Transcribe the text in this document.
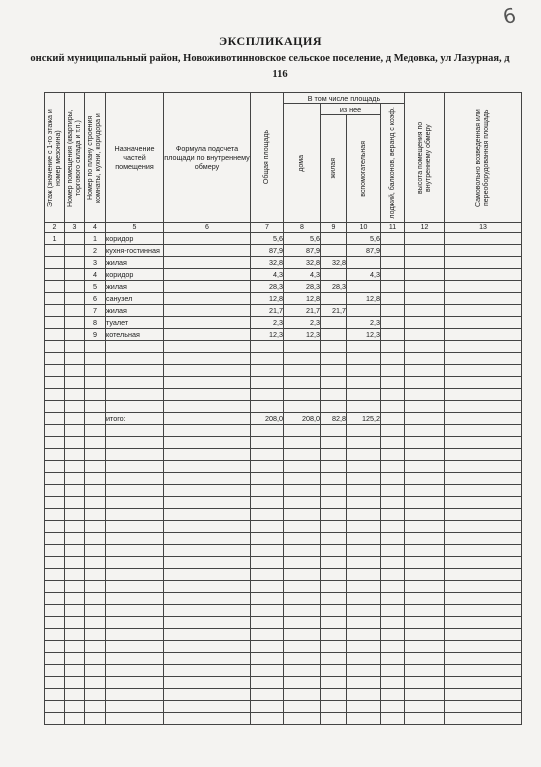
6
ЭКСПЛИКАЦИЯ
онский муниципальный район, Новоживотинновское сельское поселение, д Медовка, ул Лазурная, д
116
Этаж (значение с 1-го этажа и номер мезонина)	Номер помещения (квартиры, торгового склада и т.п.)	Номер по плану строения комнаты, кухни, коридора и	Назначение частей помещения	Формула подсчета площади по внутреннему обмеру	Общая площадь	В том числе площадь				высота помещения по внутреннему обмеру	Самовольно возведенная или переоборудованная площадь

						дома	из нее		лоджий, балконов, веранд с коэф.		

							жилая	вспомогательная			

2	3	4	5	6	7	8	9	10	11	12	13
1		1	коридор		5,6	5,6		5,6			
		2	кухня-гостинная		87,9	87,9		87,9			
		3	жилая		32,8	32,8	32,8				
		4	коридор		4,3	4,3		4,3			
		5	жилая		28,3	28,3	28,3				
		6	санузел		12,8	12,8		12,8			
		7	жилая		21,7	21,7	21,7				
		8	туалет		2,3	2,3		2,3			
		9	котельная		12,3	12,3		12,3			

			итого:		208,0	208,0	82,8	125,2			
